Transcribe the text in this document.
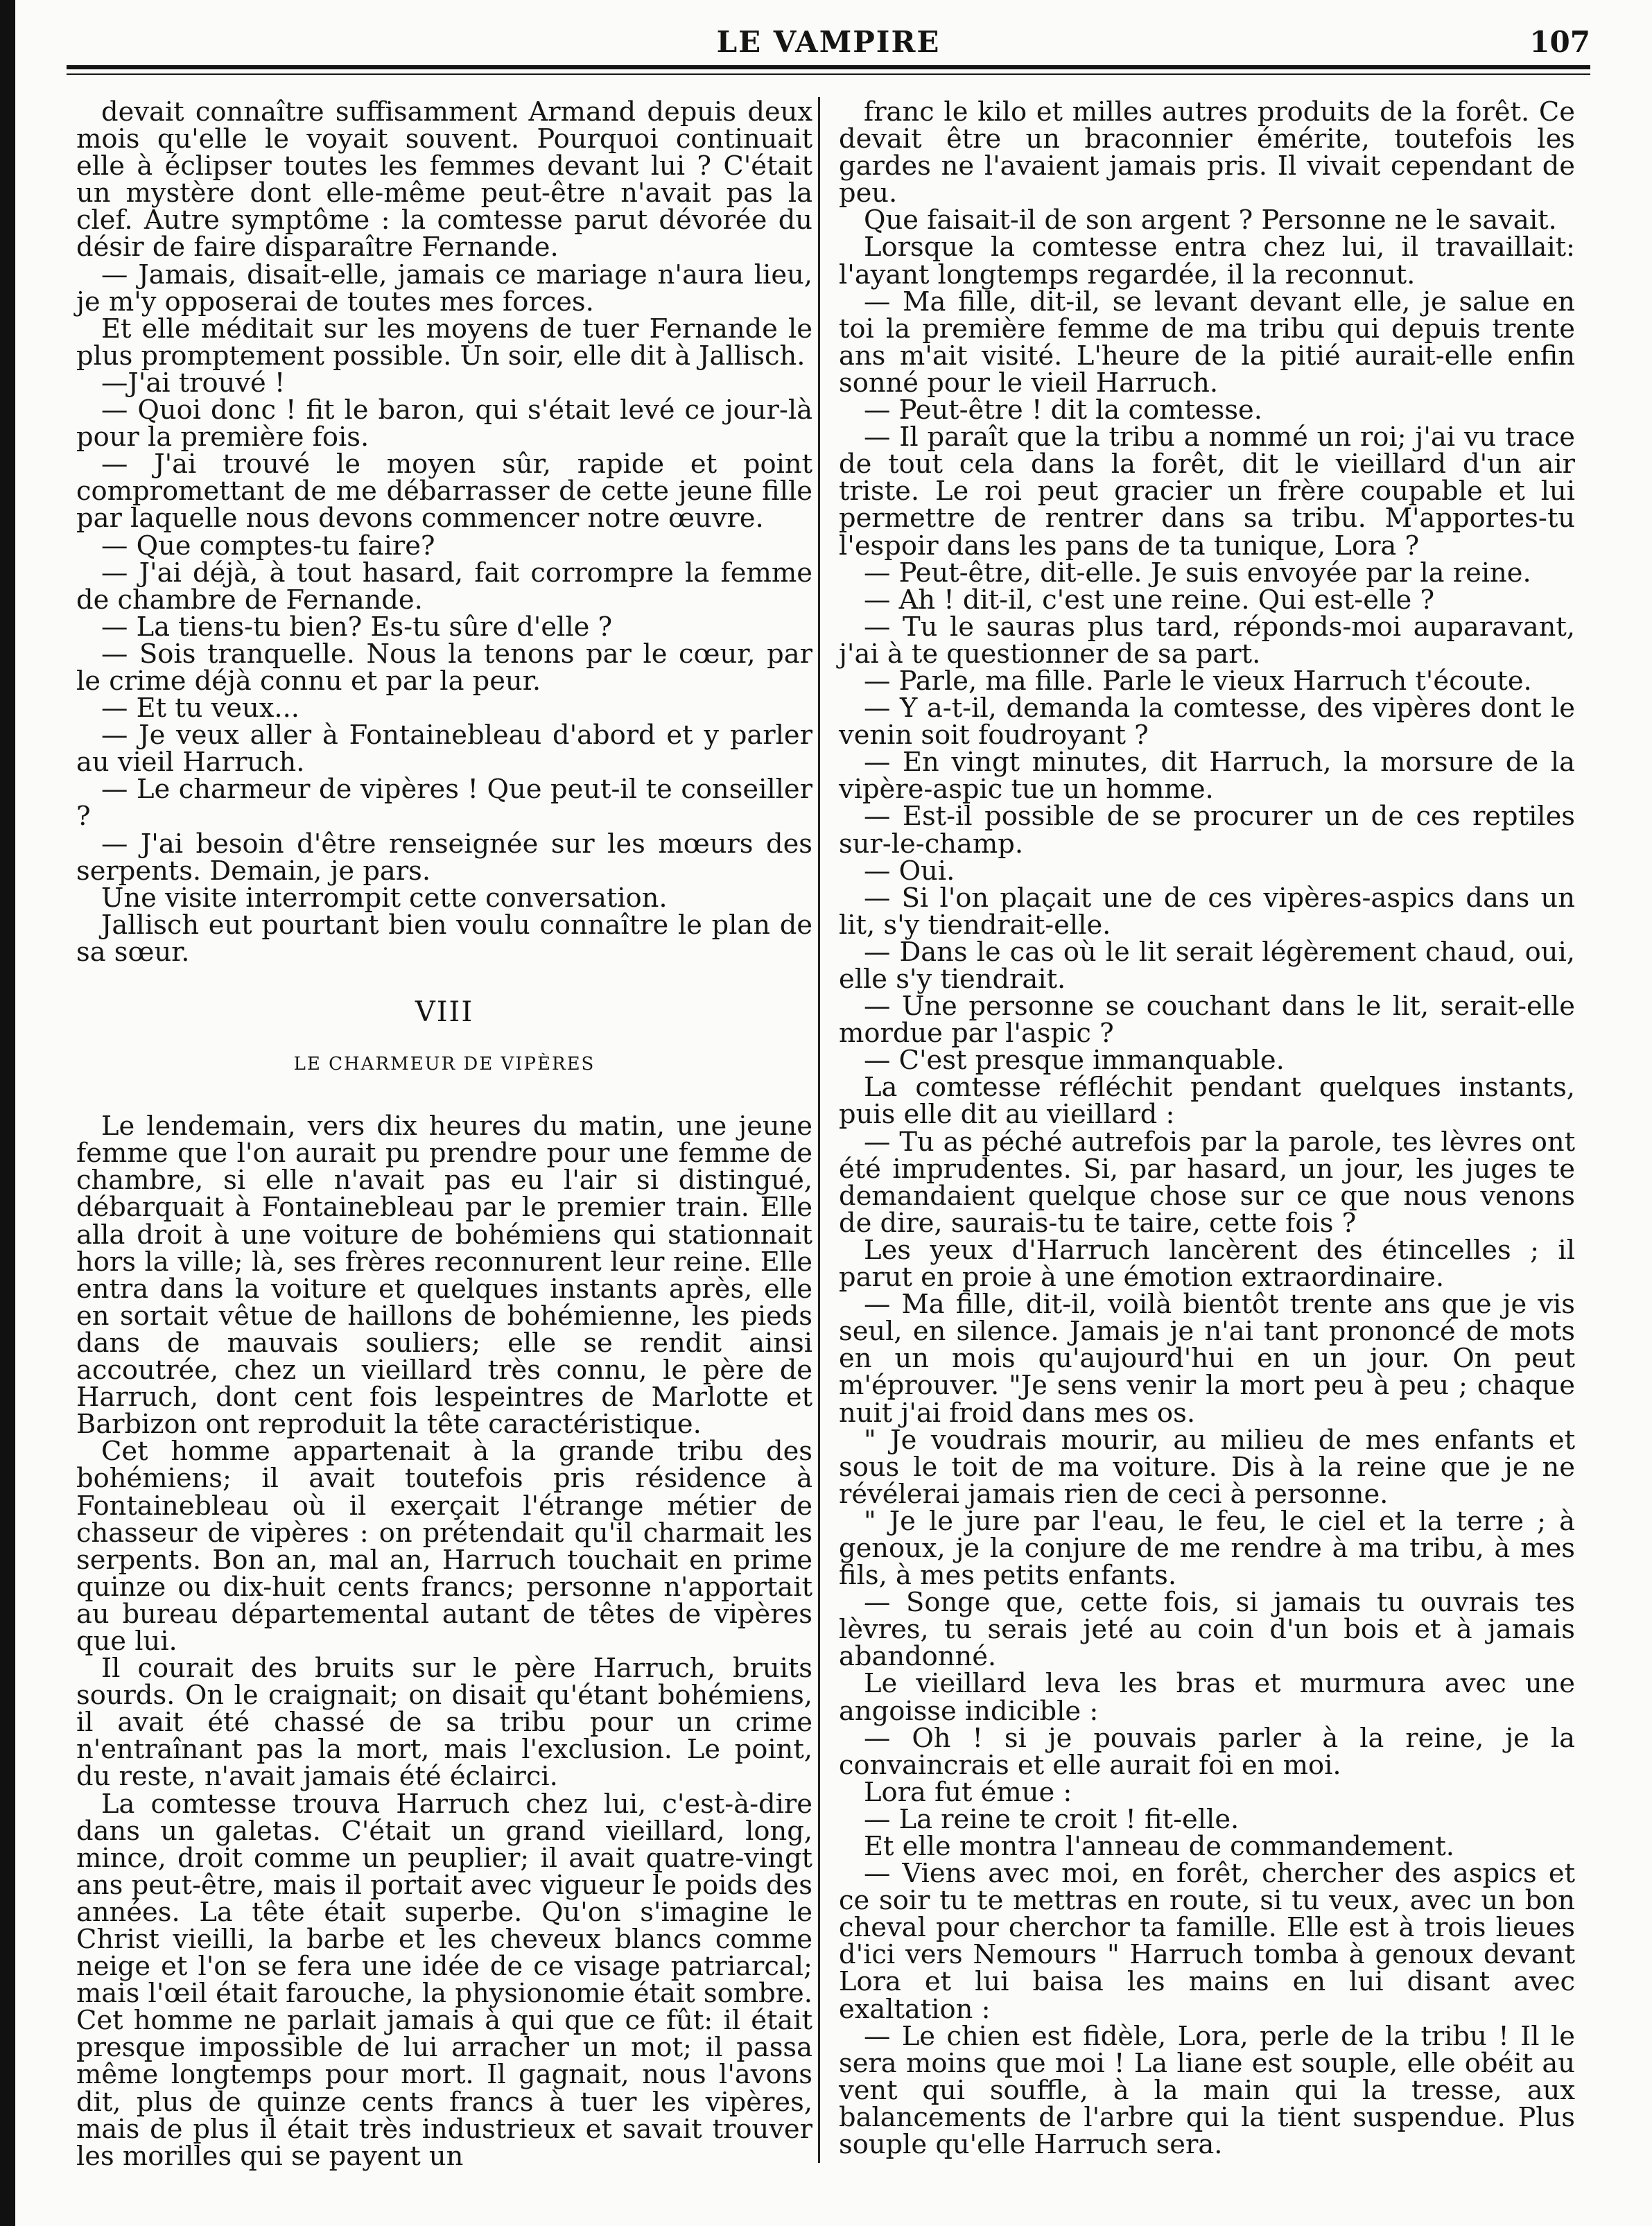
LE VAMPIRE	107

devait connaître suffisamment Armand depuis deux mois qu'elle le voyait souvent. Pourquoi continuait elle à éclipser toutes les femmes devant lui ? C'était un mystère dont elle-même peut-être n'avait pas la clef. Autre symptôme : la comtesse parut dévorée du désir de faire disparaître Fernande.

— Jamais, disait-elle, jamais ce mariage n'aura lieu, je m'y opposerai de toutes mes forces.

Et elle méditait sur les moyens de tuer Fernande le plus promptement possible. Un soir, elle dit à Jallisch.

—J'ai trouvé !

— Quoi donc ! fit le baron, qui s'était levé ce jour-là pour la première fois.

— J'ai trouvé le moyen sûr, rapide et point compromettant de me débarrasser de cette jeune fille par laquelle nous devons commencer notre œuvre.

— Que comptes-tu faire?

— J'ai déjà, à tout hasard, fait corrompre la femme de chambre de Fernande.

— La tiens-tu bien? Es-tu sûre d'elle ?

— Sois tranquelle. Nous la tenons par le cœur, par le crime déjà connu et par la peur.

— Et tu veux...

— Je veux aller à Fontainebleau d'abord et y parler au vieil Harruch.

— Le charmeur de vipères ! Que peut-il te conseiller ?

— J'ai besoin d'être renseignée sur les mœurs des serpents. Demain, je pars.

Une visite interrompit cette conversation.

Jallisch eut pourtant bien voulu connaître le plan de sa sœur.

VIII

LE CHARMEUR DE VIPÈRES

Le lendemain, vers dix heures du matin, une jeune femme que l'on aurait pu prendre pour une femme de chambre, si elle n'avait pas eu l'air si distingué, débarquait à Fontainebleau par le premier train. Elle alla droit à une voiture de bohémiens qui stationnait hors la ville; là, ses frères reconnurent leur reine. Elle entra dans la voiture et quelques instants après, elle en sortait vêtue de haillons de bohémienne, les pieds dans de mauvais souliers; elle se rendit ainsi accoutrée, chez un vieillard très connu, le père de Harruch, dont cent fois lespeintres de Marlotte et Barbizon ont reproduit la tête caractéristique.

Cet homme appartenait à la grande tribu des bohémiens; il avait toutefois pris résidence à Fontainebleau où il exerçait l'étrange métier de chasseur de vipères : on prétendait qu'il charmait les serpents. Bon an, mal an, Harruch touchait en prime quinze ou dix-huit cents francs; personne n'apportait au bureau départemental autant de têtes de vipères que lui.

Il courait des bruits sur le père Harruch, bruits sourds. On le craignait; on disait qu'étant bohémiens, il avait été chassé de sa tribu pour un crime n'entraînant pas la mort, mais l'exclusion. Le point, du reste, n'avait jamais été éclairci.

La comtesse trouva Harruch chez lui, c'est-à-dire dans un galetas. C'était un grand vieillard, long, mince, droit comme un peuplier; il avait quatre-vingt ans peut-être, mais il portait avec vigueur le poids des années. La tête était superbe. Qu'on s'imagine le Christ vieilli, la barbe et les cheveux blancs comme neige et l'on se fera une idée de ce visage patriarcal; mais l'œil était farouche, la physionomie était sombre. Cet homme ne parlait jamais à qui que ce fût: il était presque impossible de lui arracher un mot; il passa même longtemps pour mort. Il gagnait, nous l'avons dit, plus de quinze cents francs à tuer les vipères, mais de plus il était très industrieux et savait trouver les morilles qui se payent un

franc le kilo et milles autres produits de la forêt. Ce devait être un braconnier émérite, toutefois les gardes ne l'avaient jamais pris. Il vivait cependant de peu.

Que faisait-il de son argent ? Personne ne le savait.

Lorsque la comtesse entra chez lui, il travaillait: l'ayant longtemps regardée, il la reconnut.

— Ma fille, dit-il, se levant devant elle, je salue en toi la première femme de ma tribu qui depuis trente ans m'ait visité. L'heure de la pitié aurait-elle enfin sonné pour le vieil Harruch.

— Peut-être ! dit la comtesse.

— Il paraît que la tribu a nommé un roi; j'ai vu trace de tout cela dans la forêt, dit le vieillard d'un air triste. Le roi peut gracier un frère coupable et lui permettre de rentrer dans sa tribu. M'apportes-tu l'espoir dans les pans de ta tunique, Lora ?

— Peut-être, dit-elle. Je suis envoyée par la reine.

— Ah ! dit-il, c'est une reine. Qui est-elle ?

— Tu le sauras plus tard, réponds-moi auparavant, j'ai à te questionner de sa part.

— Parle, ma fille. Parle le vieux Harruch t'écoute.

— Y a-t-il, demanda la comtesse, des vipères dont le venin soit foudroyant ?

— En vingt minutes, dit Harruch, la morsure de la vipère-aspic tue un homme.

— Est-il possible de se procurer un de ces reptiles sur-le-champ.

— Oui.

— Si l'on plaçait une de ces vipères-aspics dans un lit, s'y tiendrait-elle.

— Dans le cas où le lit serait légèrement chaud, oui, elle s'y tiendrait.

— Une personne se couchant dans le lit, serait-elle mordue par l'aspic ?

— C'est presque immanquable.

La comtesse réfléchit pendant quelques instants, puis elle dit au vieillard :

— Tu as péché autrefois par la parole, tes lèvres ont été imprudentes. Si, par hasard, un jour, les juges te demandaient quelque chose sur ce que nous venons de dire, saurais-tu te taire, cette fois ?

Les yeux d'Harruch lancèrent des étincelles ; il parut en proie à une émotion extraordinaire.

— Ma fille, dit-il, voilà bientôt trente ans que je vis seul, en silence. Jamais je n'ai tant prononcé de mots en un mois qu'aujourd'hui en un jour. On peut m'éprouver. "Je sens venir la mort peu à peu ; chaque nuit j'ai froid dans mes os.

" Je voudrais mourir, au milieu de mes enfants et sous le toit de ma voiture. Dis à la reine que je ne révélerai jamais rien de ceci à personne.

" Je le jure par l'eau, le feu, le ciel et la terre ; à genoux, je la conjure de me rendre à ma tribu, à mes fils, à mes petits enfants.

— Songe que, cette fois, si jamais tu ouvrais tes lèvres, tu serais jeté au coin d'un bois et à jamais abandonné.

Le vieillard leva les bras et murmura avec une angoisse indicible :

— Oh ! si je pouvais parler à la reine, je la convaincrais et elle aurait foi en moi.

Lora fut émue :

— La reine te croit ! fit-elle.

Et elle montra l'anneau de commandement.

— Viens avec moi, en forêt, chercher des aspics et ce soir tu te mettras en route, si tu veux, avec un bon cheval pour cherchor ta famille. Elle est à trois lieues d'ici vers Nemours " Harruch tomba à genoux devant Lora et lui baisa les mains en lui disant avec exaltation :

— Le chien est fidèle, Lora, perle de la tribu ! Il le sera moins que moi ! La liane est souple, elle obéit au vent qui souffle, à la main qui la tresse, aux balancements de l'arbre qui la tient suspendue. Plus souple qu'elle Harruch sera.
